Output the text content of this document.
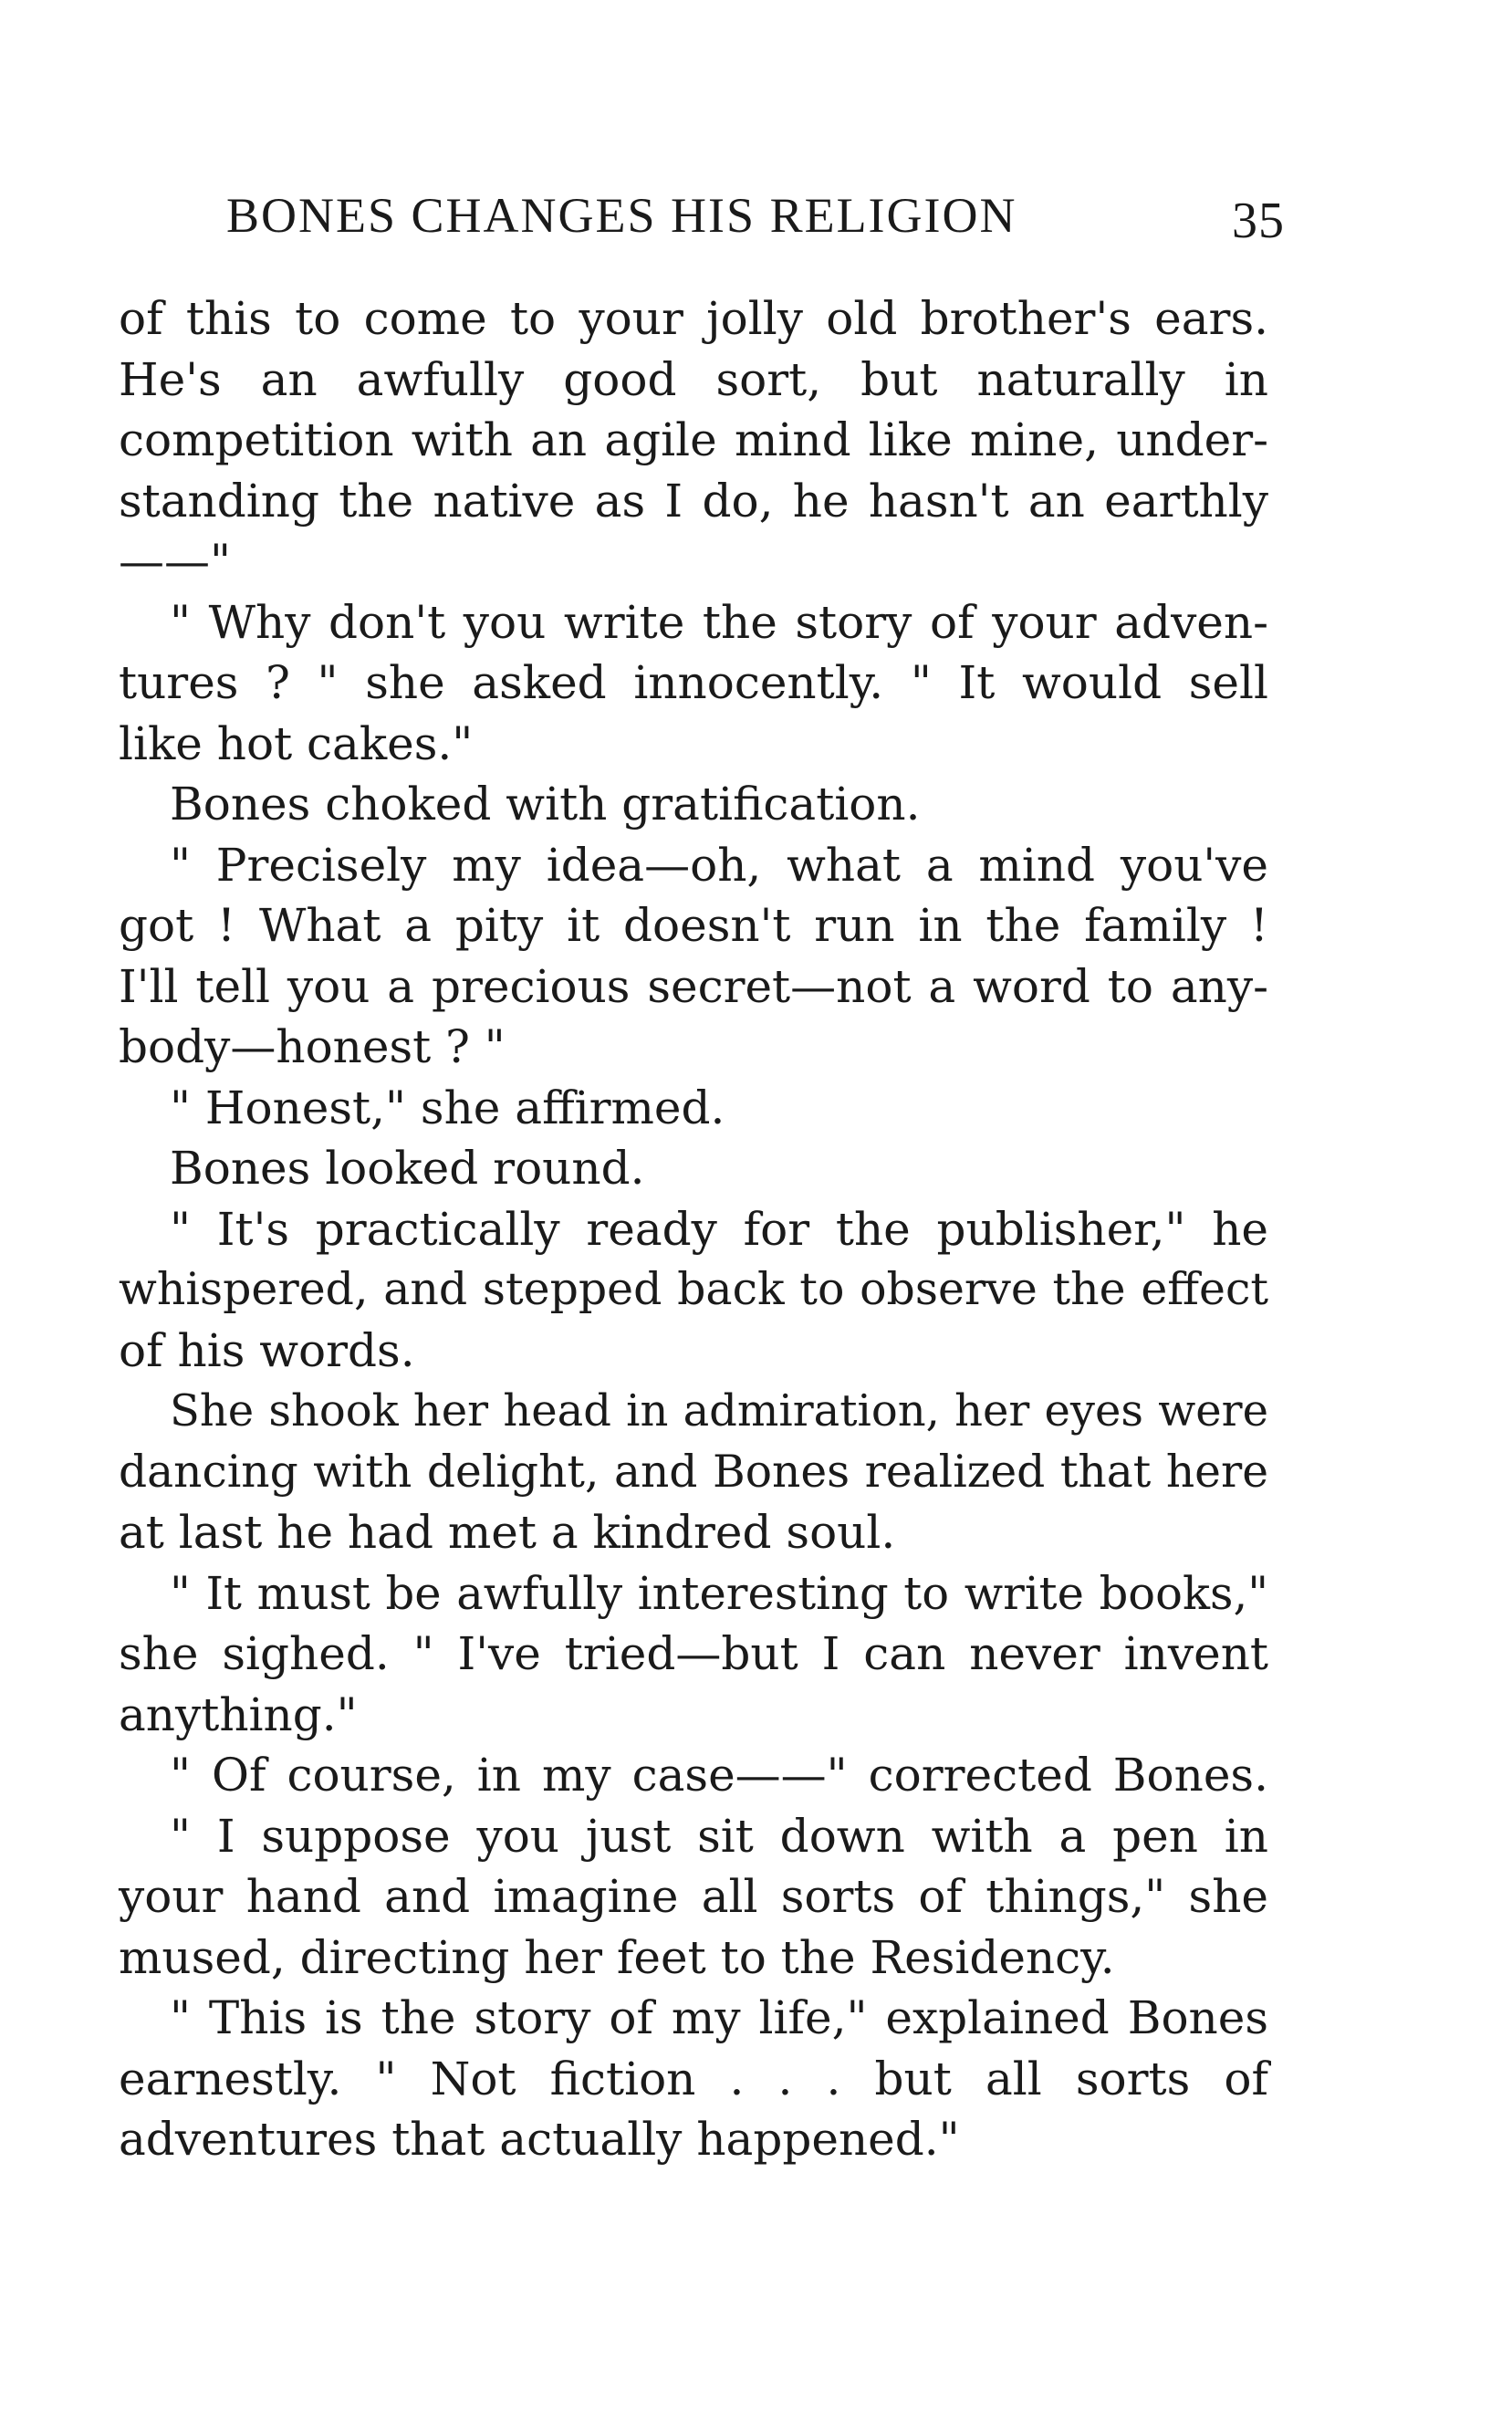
BONES CHANGES HIS RELIGION	35
of this to come to your jolly old brother's ears.
He's an awfully good sort, but naturally in
competition with an agile mind like mine, under-
standing the native as I do, he hasn't an earthly
——"
" Why don't you write the story of your adven-
tures ? " she asked innocently. " It would sell
like hot cakes."
Bones choked with gratification.
" Precisely my idea—oh, what a mind you've
got ! What a pity it doesn't run in the family !
I'll tell you a precious secret—not a word to any-
body—honest ? "
" Honest," she affirmed.
Bones looked round.
" It's practically ready for the publisher," he
whispered, and stepped back to observe the effect
of his words.
She shook her head in admiration, her eyes were
dancing with delight, and Bones realized that here
at last he had met a kindred soul.
" It must be awfully interesting to write books,"
she sighed. " I've tried—but I can never invent
anything."
" Of course, in my case——" corrected Bones.
" I suppose you just sit down with a pen in
your hand and imagine all sorts of things," she
mused, directing her feet to the Residency.
" This is the story of my life," explained Bones
earnestly. " Not fiction . . . but all sorts of
adventures that actually happened."
